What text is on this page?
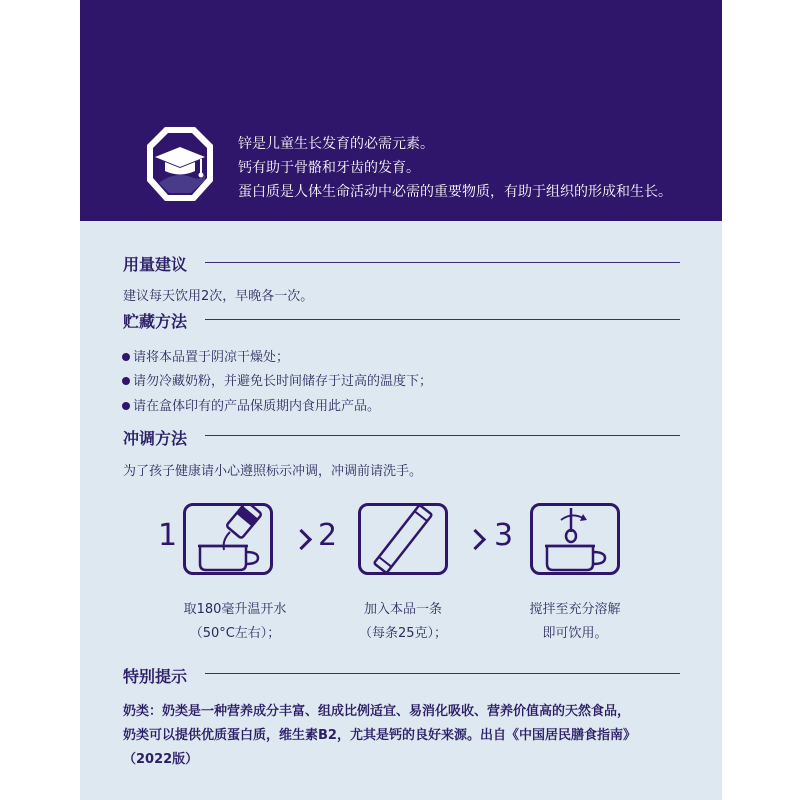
锌是儿童生长发育的必需元素。
钙有助于骨骼和牙齿的发育。
蛋白质是人体生命活动中必需的重要物质，有助于组织的形成和生长。
用量建议
建议每天饮用2次，早晚各一次。
贮藏方法
请将本品置于阴凉干燥处；
请勿冷藏奶粉，并避免长时间储存于过高的温度下；
请在盒体印有的产品保质期内食用此产品。
冲调方法
为了孩子健康请小心遵照标示冲调，冲调前请洗手。
1
取180毫升温开水
（50°C左右）；
2
加入本品一条
（每条25克）；
3
搅拌至充分溶解
即可饮用。
特别提示
奶类：奶类是一种营养成分丰富、组成比例适宜、易消化吸收、营养价值高的天然食品，
奶类可以提供优质蛋白质，维生素B2，尤其是钙的良好来源。出自《中国居民膳食指南》
（2022版）
